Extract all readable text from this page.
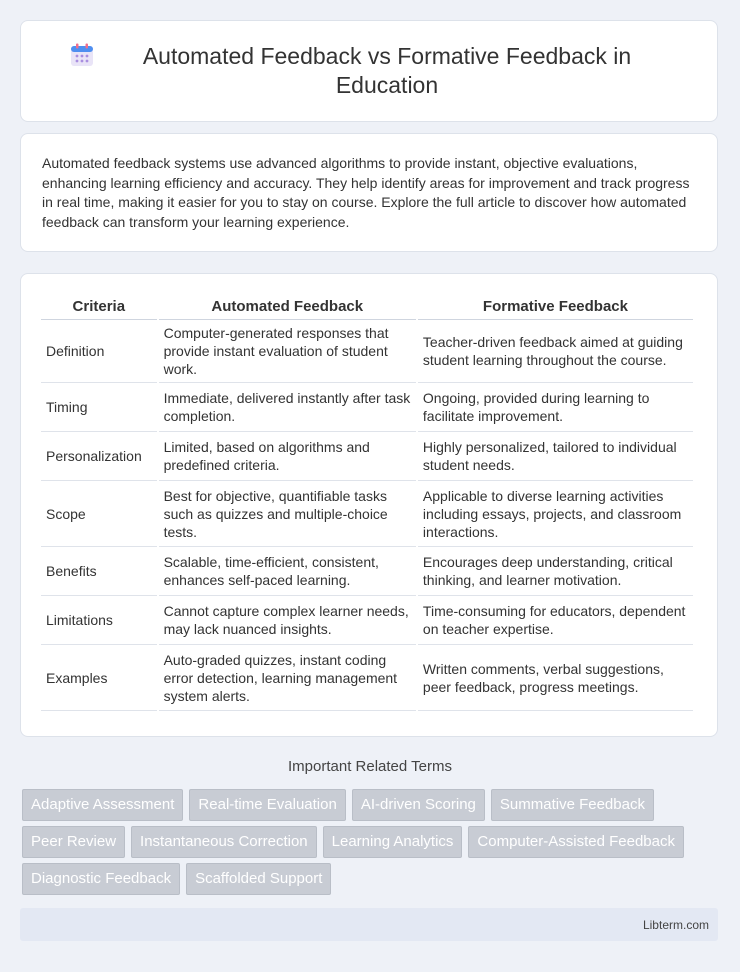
Automated Feedback vs Formative Feedback in Education
Automated feedback systems use advanced algorithms to provide instant, objective evaluations, enhancing learning efficiency and accuracy. They help identify areas for improvement and track progress in real time, making it easier for you to stay on course. Explore the full article to discover how automated feedback can transform your learning experience.
Criteria	Automated Feedback	Formative Feedback
Definition	Computer-generated responses that provide instant evaluation of student work.	Teacher-driven feedback aimed at guiding student learning throughout the course.
Timing	Immediate, delivered instantly after task completion.	Ongoing, provided during learning to facilitate improvement.
Personalization	Limited, based on algorithms and predefined criteria.	Highly personalized, tailored to individual student needs.
Scope	Best for objective, quantifiable tasks such as quizzes and multiple-choice tests.	Applicable to diverse learning activities including essays, projects, and classroom interactions.
Benefits	Scalable, time-efficient, consistent, enhances self-paced learning.	Encourages deep understanding, critical thinking, and learner motivation.
Limitations	Cannot capture complex learner needs, may lack nuanced insights.	Time-consuming for educators, dependent on teacher expertise.
Examples	Auto-graded quizzes, instant coding error detection, learning management system alerts.	Written comments, verbal suggestions, peer feedback, progress meetings.
Important Related Terms
Adaptive Assessment	Real-time Evaluation	AI-driven Scoring	Summative Feedback
Peer Review	Instantaneous Correction	Learning Analytics	Computer-Assisted Feedback
Diagnostic Feedback	Scaffolded Support
Libterm.com
